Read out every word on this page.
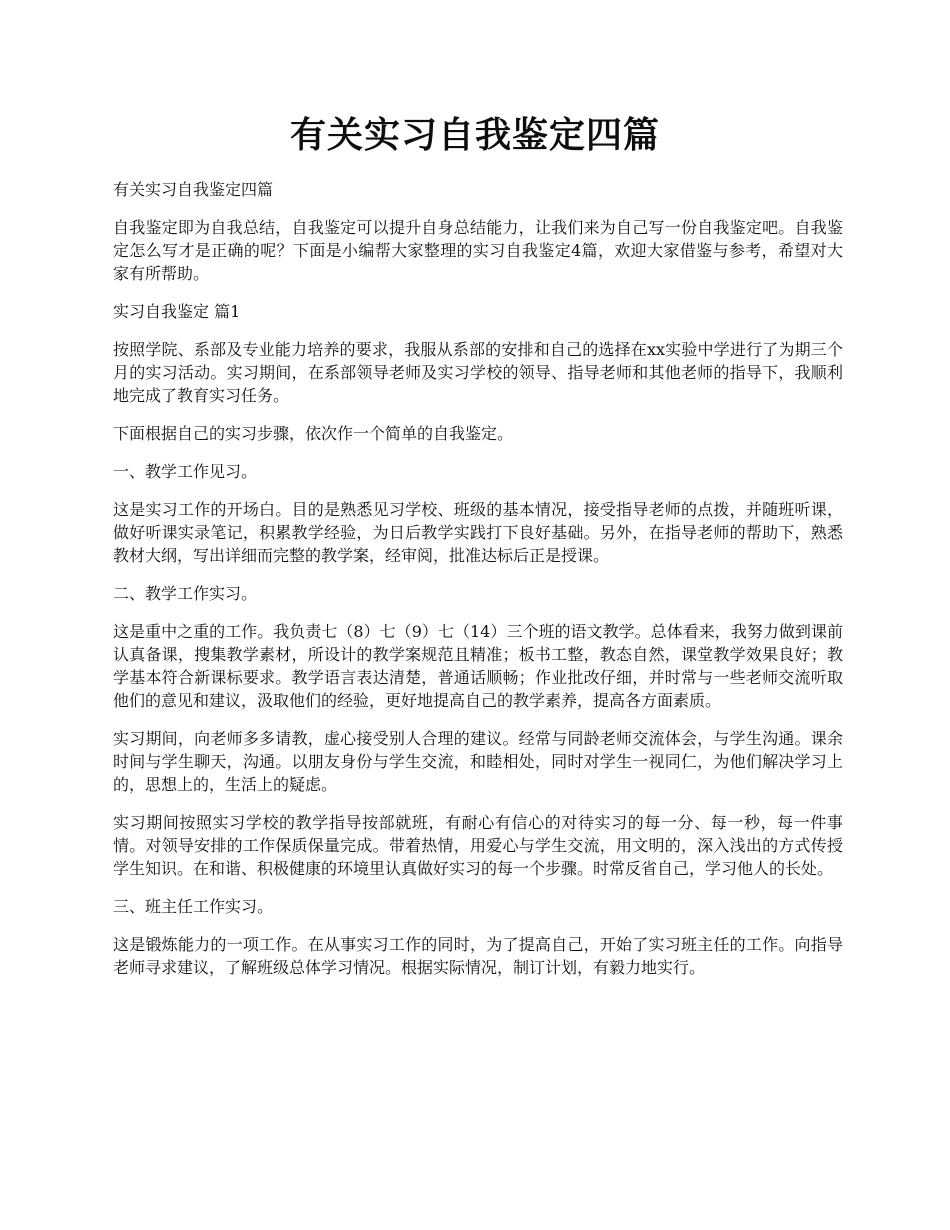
有关实习自我鉴定四篇

有关实习自我鉴定四篇

自我鉴定即为自我总结，自我鉴定可以提升自身总结能力，让我们来为自己写一份自我鉴定吧。自我鉴定怎么写才是正确的呢？下面是小编帮大家整理的实习自我鉴定4篇，欢迎大家借鉴与参考，希望对大家有所帮助。

实习自我鉴定 篇1

按照学院、系部及专业能力培养的要求，我服从系部的安排和自己的选择在xx实验中学进行了为期三个月的实习活动。实习期间，在系部领导老师及实习学校的领导、指导老师和其他老师的指导下，我顺利地完成了教育实习任务。

下面根据自己的实习步骤，依次作一个简单的自我鉴定。

一、教学工作见习。

这是实习工作的开场白。目的是熟悉见习学校、班级的基本情况，接受指导老师的点拨，并随班听课，做好听课实录笔记，积累教学经验，为日后教学实践打下良好基础。另外，在指导老师的帮助下，熟悉教材大纲，写出详细而完整的教学案，经审阅，批准达标后正是授课。

二、教学工作实习。

这是重中之重的工作。我负责七（8）七（9）七（14）三个班的语文教学。总体看来，我努力做到课前认真备课，搜集教学素材，所设计的教学案规范且精准；板书工整，教态自然，课堂教学效果良好；教学基本符合新课标要求。教学语言表达清楚，普通话顺畅；作业批改仔细，并时常与一些老师交流听取他们的意见和建议，汲取他们的经验，更好地提高自己的教学素养，提高各方面素质。

实习期间，向老师多多请教，虚心接受别人合理的建议。经常与同龄老师交流体会，与学生沟通。课余时间与学生聊天，沟通。以朋友身份与学生交流，和睦相处，同时对学生一视同仁，为他们解决学习上的，思想上的，生活上的疑虑。

实习期间按照实习学校的教学指导按部就班，有耐心有信心的对待实习的每一分、每一秒，每一件事情。对领导安排的工作保质保量完成。带着热情，用爱心与学生交流，用文明的，深入浅出的方式传授学生知识。在和谐、积极健康的环境里认真做好实习的每一个步骤。时常反省自己，学习他人的长处。

三、班主任工作实习。

这是锻炼能力的一项工作。在从事实习工作的同时，为了提高自己，开始了实习班主任的工作。向指导老师寻求建议，了解班级总体学习情况。根据实际情况，制订计划，有毅力地实行。
